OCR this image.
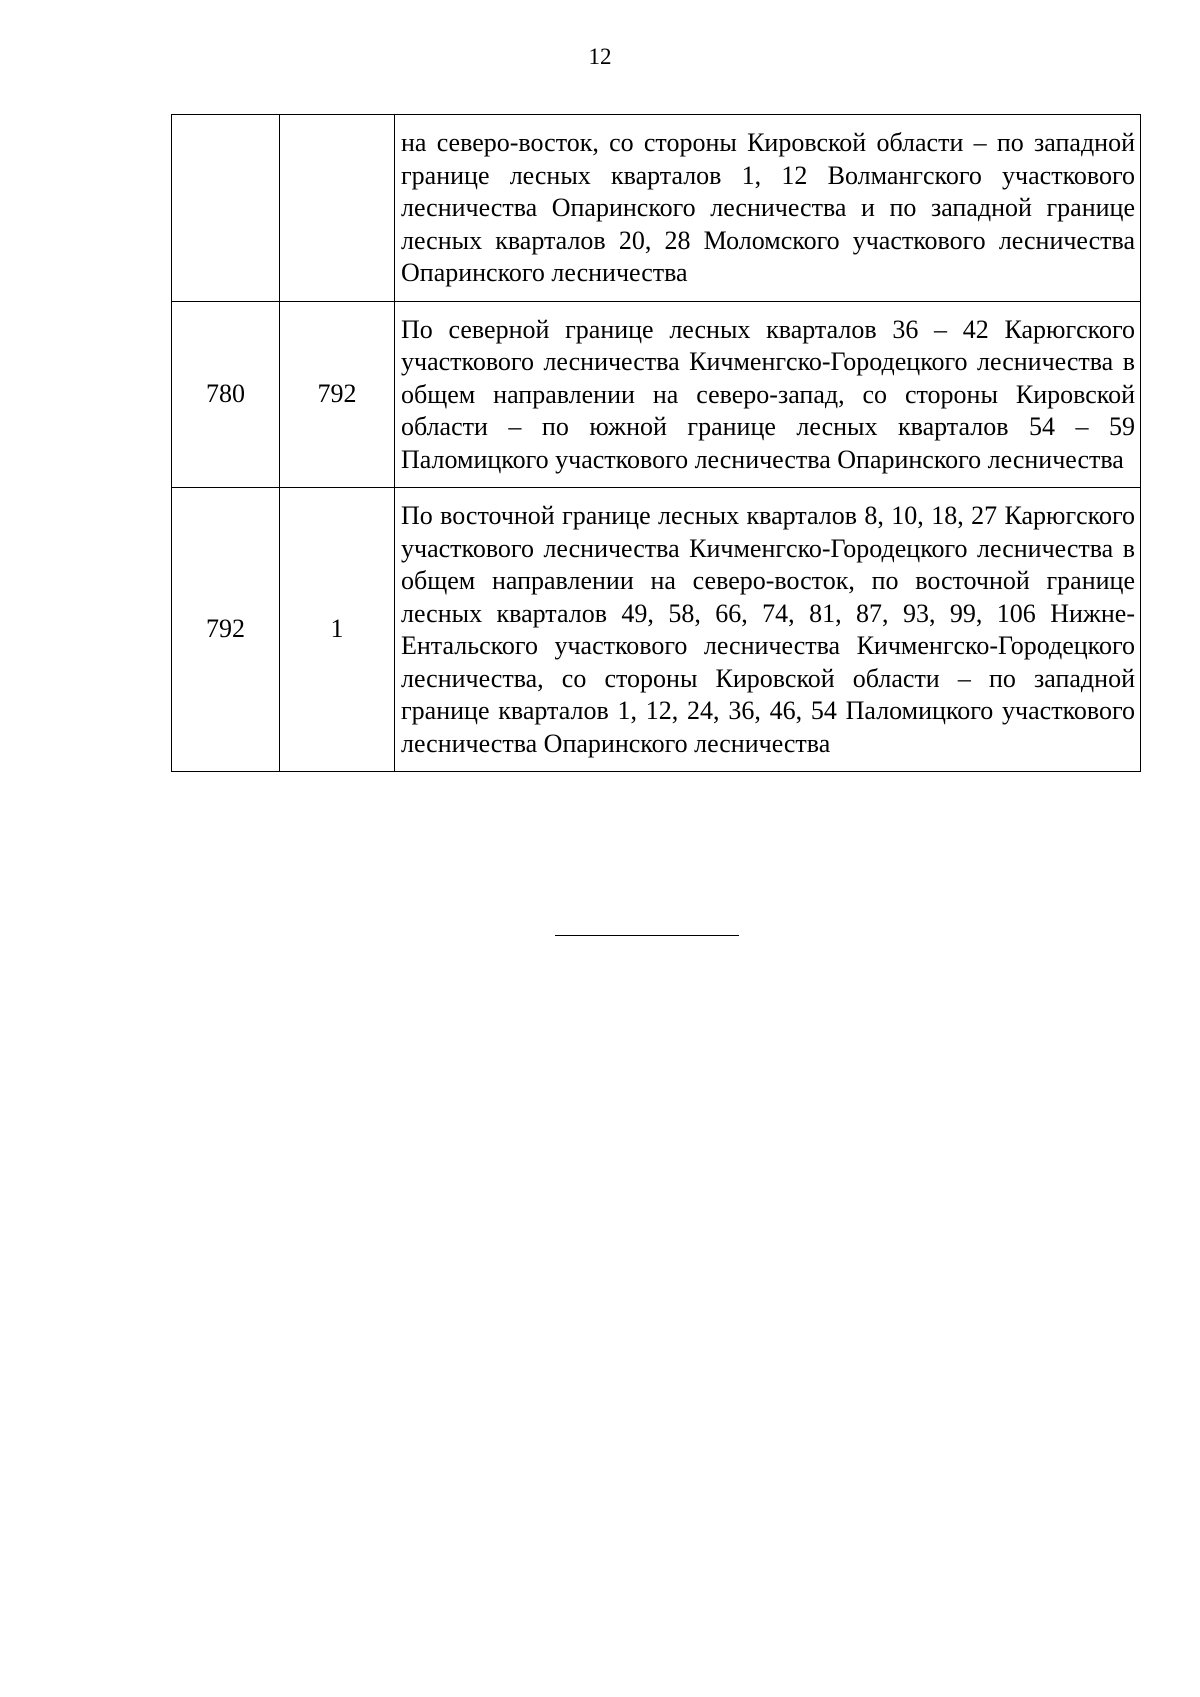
12
		на северо-восток, со стороны Кировской области – по западной границе лесных кварталов 1, 12 Волмангского участкового лесничества Опаринского лесничества и по западной границе лесных кварталов 20, 28 Моломского участкового лесничества Опаринского лесничества
780	792	По северной границе лесных кварталов 36 – 42 Карюгского участкового лесничества Кичменгско-Городецкого лесничества в общем направлении на северо-запад, со стороны Кировской области – по южной границе лесных кварталов 54 – 59 Паломицкого участкового лесничества Опаринского лесничества
792	1	По восточной границе лесных кварталов 8, 10, 18, 27 Карюгского участкового лесничества Кичменгско-Городецкого лесничества в общем направлении на северо-восток, по восточной границе лесных кварталов 49, 58, 66, 74, 81, 87, 93, 99, 106 Нижне-Ентальского участкового лесничества Кичменгско-Городецкого лесничества, со стороны Кировской области – по западной границе кварталов 1, 12, 24, 36, 46, 54 Паломицкого участкового лесничества Опаринского лесничества
